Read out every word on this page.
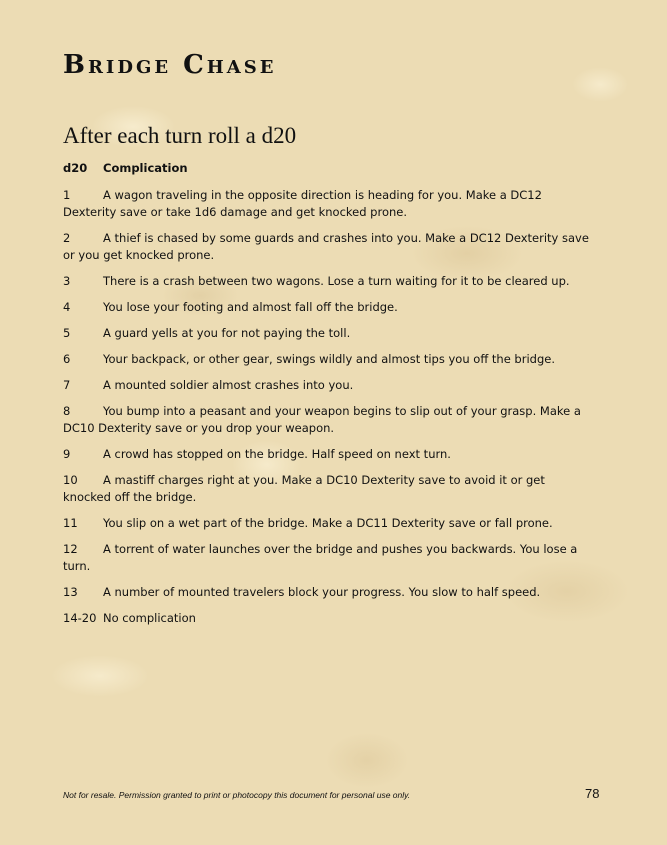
Bridge Chase
After each turn roll a d20
d20 Complication
1	A wagon traveling in the opposite direction is heading for you. Make a DC12 Dexterity save or take 1d6 damage and get knocked prone.
2	A thief is chased by some guards and crashes into you. Make a DC12 Dexterity save or you get knocked prone.
3	There is a crash between two wagons. Lose a turn waiting for it to be cleared up.
4	You lose your footing and almost fall off the bridge.
5	A guard yells at you for not paying the toll.
6	Your backpack, or other gear, swings wildly and almost tips you off the bridge.
7	A mounted soldier almost crashes into you.
8	You bump into a peasant and your weapon begins to slip out of your grasp. Make a DC10 Dexterity save or you drop your weapon.
9	A crowd has stopped on the bridge. Half speed on next turn.
10 A mastiff charges right at you. Make a DC10 Dexterity save to avoid it or get knocked off the bridge.
11 You slip on a wet part of the bridge. Make a DC11 Dexterity save or fall prone.
12 A torrent of water launches over the bridge and pushes you backwards. You lose a turn.
13 A number of mounted travelers block your progress. You slow to half speed.
14-20 No complication
Not for resale. Permission granted to print or photocopy this document for personal use only.	78
